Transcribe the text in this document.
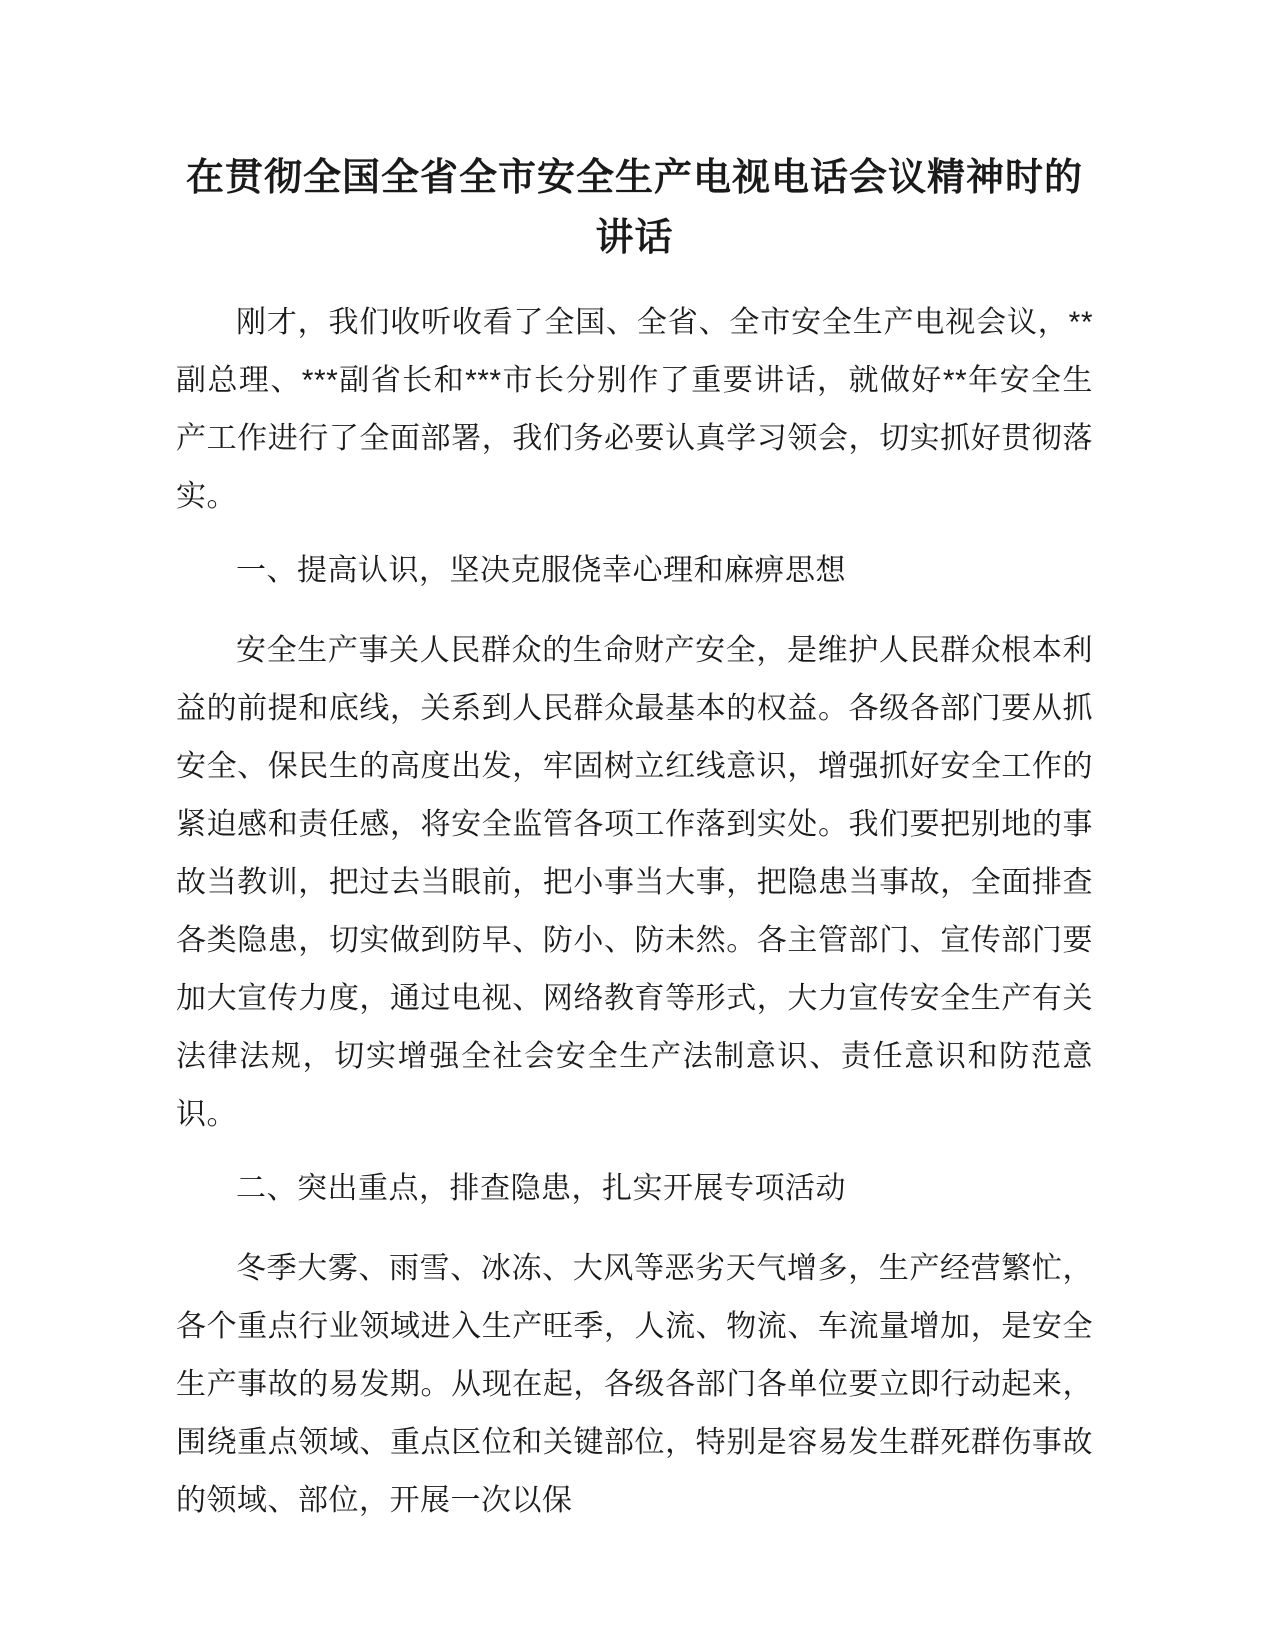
在贯彻全国全省全市安全生产电视电话会议精神时的讲话

刚才，我们收听收看了全国、全省、全市安全生产电视会议，**副总理、***副省长和***市长分别作了重要讲话，就做好**年安全生产工作进行了全面部署，我们务必要认真学习领会，切实抓好贯彻落实。

一、提高认识，坚决克服侥幸心理和麻痹思想

安全生产事关人民群众的生命财产安全，是维护人民群众根本利益的前提和底线，关系到人民群众最基本的权益。各级各部门要从抓安全、保民生的高度出发，牢固树立红线意识，增强抓好安全工作的紧迫感和责任感，将安全监管各项工作落到实处。我们要把别地的事故当教训，把过去当眼前，把小事当大事，把隐患当事故，全面排查各类隐患，切实做到防早、防小、防未然。各主管部门、宣传部门要加大宣传力度，通过电视、网络教育等形式，大力宣传安全生产有关法律法规，切实增强全社会安全生产法制意识、责任意识和防范意识。

二、突出重点，排查隐患，扎实开展专项活动

冬季大雾、雨雪、冰冻、大风等恶劣天气增多，生产经营繁忙，各个重点行业领域进入生产旺季，人流、物流、车流量增加，是安全生产事故的易发期。从现在起，各级各部门各单位要立即行动起来，围绕重点领域、重点区位和关键部位，特别是容易发生群死群伤事故的领域、部位，开展一次以保
